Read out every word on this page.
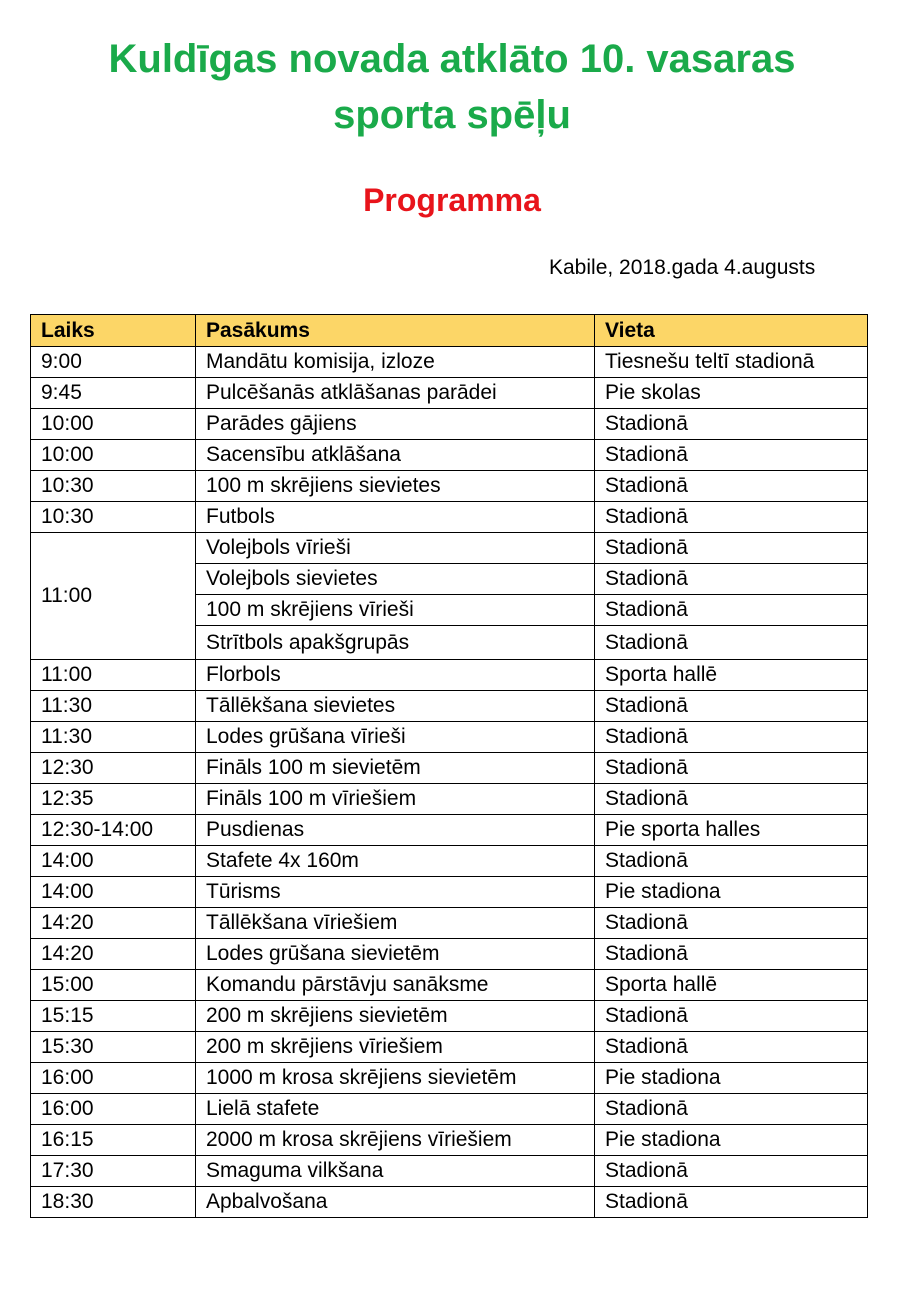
Kuldīgas novada atklāto 10. vasaras
sporta spēļu
Programma
Kabile, 2018.gada 4.augusts
Laiks	Pasākums	Vieta
9:00	Mandātu komisija, izloze	Tiesnešu teltī stadionā
9:45	Pulcēšanās atklāšanas parādei	Pie skolas
10:00	Parādes gājiens	Stadionā
10:00	Sacensību atklāšana	Stadionā
10:30	100 m skrējiens sievietes	Stadionā
10:30	Futbols	Stadionā
11:00	Volejbols vīrieši	Stadionā
	Volejbols sievietes	Stadionā
	100 m skrējiens vīrieši	Stadionā
	Strītbols apakšgrupās	Stadionā
11:00	Florbols	Sporta hallē
11:30	Tāllēkšana sievietes	Stadionā
11:30	Lodes grūšana vīrieši	Stadionā
12:30	Fināls 100 m sievietēm	Stadionā
12:35	Fināls 100 m vīriešiem	Stadionā
12:30-14:00	Pusdienas	Pie sporta halles
14:00	Stafete 4x 160m	Stadionā
14:00	Tūrisms	Pie stadiona
14:20	Tāllēkšana vīriešiem	Stadionā
14:20	Lodes grūšana sievietēm	Stadionā
15:00	Komandu pārstāvju sanāksme	Sporta hallē
15:15	200 m skrējiens sievietēm	Stadionā
15:30	200 m skrējiens vīriešiem	Stadionā
16:00	1000 m krosa skrējiens sievietēm	Pie stadiona
16:00	Lielā stafete	Stadionā
16:15	2000 m krosa skrējiens vīriešiem	Pie stadiona
17:30	Smaguma vilkšana	Stadionā
18:30	Apbalvošana	Stadionā
